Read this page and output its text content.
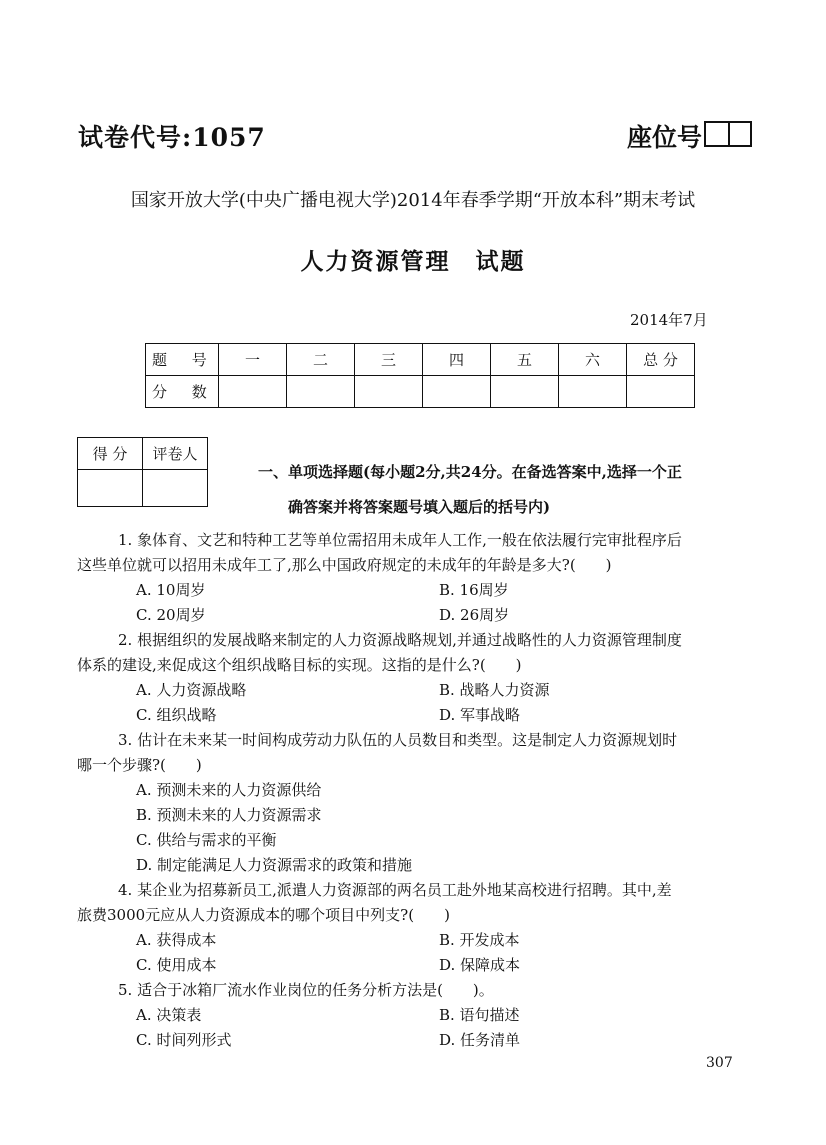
试卷代号:1057	座位号
国家开放大学(中央广播电视大学)2014年春季学期“开放本科”期末考试
人力资源管理　试题
2014年7月
题 号	一	二	三	四	五	六	总 分
分 数							
得 分	评卷人

一、单项选择题(每小题2分,共24分。在备选答案中,选择一个正
确答案并将答案题号填入题后的括号内)
1. 象体育、文艺和特种工艺等单位需招用未成年人工作,一般在依法履行完审批程序后
这些单位就可以招用未成年工了,那么中国政府规定的未成年的年龄是多大?(　　)
A. 10周岁	B. 16周岁
C. 20周岁	D. 26周岁
2. 根据组织的发展战略来制定的人力资源战略规划,并通过战略性的人力资源管理制度
体系的建设,来促成这个组织战略目标的实现。这指的是什么?(　　)
A. 人力资源战略	B. 战略人力资源
C. 组织战略	D. 军事战略
3. 估计在未来某一时间构成劳动力队伍的人员数目和类型。这是制定人力资源规划时
哪一个步骤?(　　)
A. 预测未来的人力资源供给
B. 预测未来的人力资源需求
C. 供给与需求的平衡
D. 制定能满足人力资源需求的政策和措施
4. 某企业为招募新员工,派遣人力资源部的两名员工赴外地某高校进行招聘。其中,差
旅费3000元应从人力资源成本的哪个项目中列支?(　　)
A. 获得成本	B. 开发成本
C. 使用成本	D. 保障成本
5. 适合于冰箱厂流水作业岗位的任务分析方法是(　　)。
A. 决策表	B. 语句描述
C. 时间列形式	D. 任务清单
307
